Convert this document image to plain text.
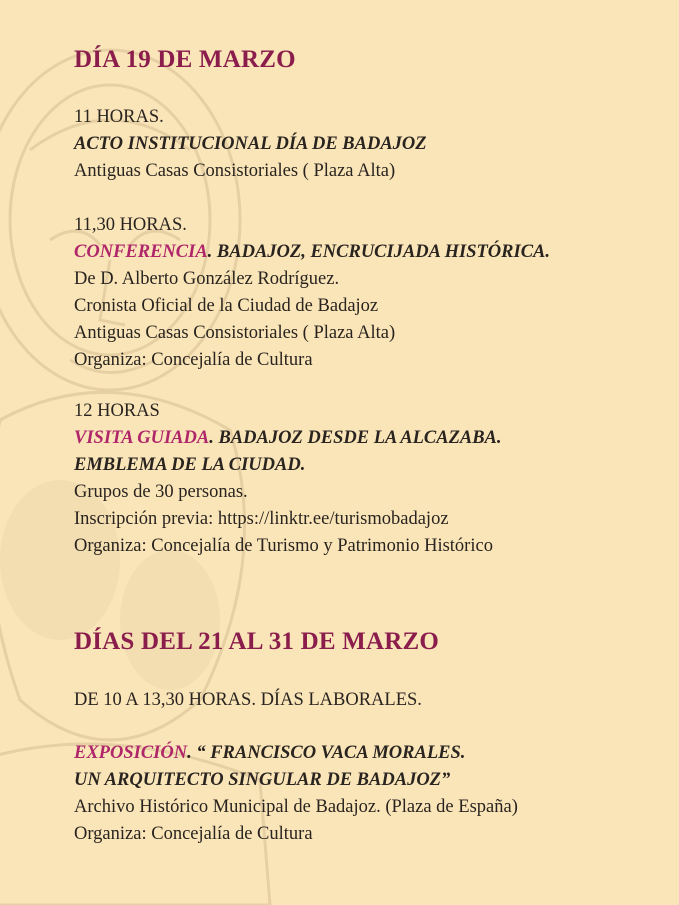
DÍA 19 DE MARZO
11 HORAS.
ACTO INSTITUCIONAL DÍA DE BADAJOZ
Antiguas Casas Consistoriales ( Plaza Alta)
11,30 HORAS.
CONFERENCIA. BADAJOZ, ENCRUCIJADA HISTÓRICA.
De D. Alberto González Rodríguez.
Cronista Oficial de la Ciudad de Badajoz
Antiguas Casas Consistoriales ( Plaza Alta)
Organiza: Concejalía de Cultura
12 HORAS
VISITA GUIADA. BADAJOZ DESDE LA ALCAZABA.
EMBLEMA DE LA CIUDAD.
Grupos de 30 personas.
Inscripción previa: https://linktr.ee/turismobadajoz
Organiza: Concejalía de Turismo y Patrimonio Histórico
DÍAS DEL 21 AL 31 DE MARZO
DE 10 A 13,30 HORAS. DÍAS LABORALES.
EXPOSICIÓN. “ FRANCISCO VACA MORALES.
UN ARQUITECTO SINGULAR DE BADAJOZ”
Archivo Histórico Municipal de Badajoz. (Plaza de España)
Organiza: Concejalía de Cultura
